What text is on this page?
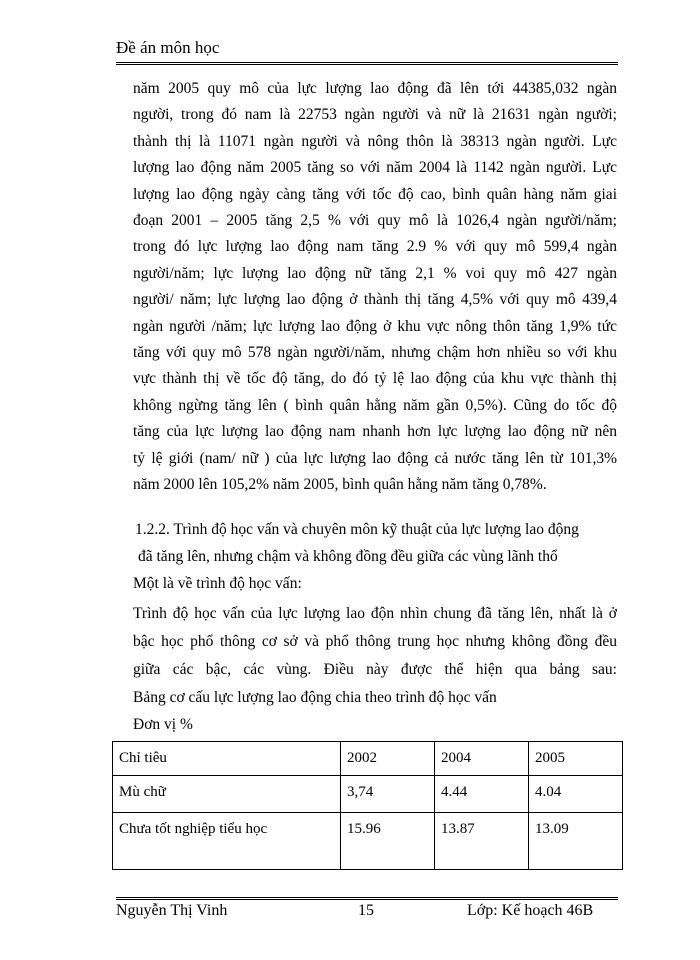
Đề án môn học
năm 2005 quy mô của lực lượng lao động đã lên tới 44385,032 ngàn
người, trong đó nam là 22753 ngàn người và nữ là 21631 ngàn người;
thành thị là 11071 ngàn người và nông thôn là 38313 ngàn người. Lực
lượng lao động năm 2005 tăng so với năm 2004 là 1142 ngàn người. Lực
lượng lao động ngày càng tăng với tốc độ cao, bình quân hàng năm giai
đoạn 2001 – 2005 tăng 2,5 % với quy mô là 1026,4 ngàn người/năm;
trong đó lực lượng lao động nam tăng 2.9 % với quy mô 599,4 ngàn
người/năm; lực lượng lao động nữ tăng 2,1 % voi quy mô 427 ngàn
người/ năm; lực lượng lao động ở thành thị tăng 4,5% với quy mô 439,4
ngàn người /năm; lực lượng lao động ở khu vực nông thôn tăng 1,9% tức
tăng với quy mô 578 ngàn người/năm, nhưng chậm hơn nhiều so với khu
vực thành thị về tốc độ tăng, do đó tỷ lệ lao động của khu vực thành thị
không ngừng tăng lên ( bình quân hằng năm gần 0,5%). Cũng do tốc độ
tăng của lực lượng lao động nam nhanh hơn lực lượng lao động nữ nên
tỷ lệ giới (nam/ nữ ) của lực lượng lao động cả nước tăng lên từ 101,3%
năm 2000 lên 105,2% năm 2005, bình quân hằng năm tăng 0,78%.
1.2.2. Trình độ học vấn và chuyên môn kỹ thuật của lực lượng lao động
đã tăng lên, nhưng chậm và không đồng đều giữa các vùng lãnh thổ
Một là về trình độ học vấn:
Trình độ học vấn của lực lượng lao độn nhìn chung đã tăng lên, nhất là ở
bậc học phổ thông cơ sở và phổ thông trung học nhưng không đồng đều
giữa các bậc, các vùng. Điều này được thể hiện qua bảng sau:
Bảng cơ cấu lực lượng lao động chia theo trình độ học vấn
Đơn vị %
Chỉ tiêu	2002	2004	2005
Mù chữ	3,74	4.44	4.04
Chưa tốt nghiệp tiểu học	15.96	13.87	13.09
Nguyễn Thị Vinh	15	Lớp: Kế hoạch 46B
